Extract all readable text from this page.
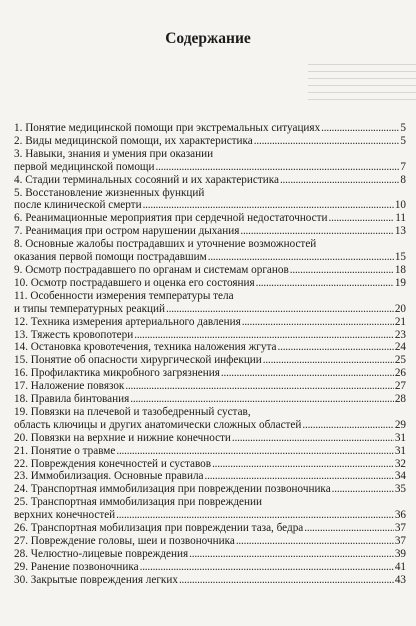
Содержание
1. Понятие медицинской помощи при экстремальных ситуациях . . .	5
2. Виды медицинской помощи, их характеристика . . .	5
3. Навыки, знания и умения при оказании
первой медицинской помощи . . .	7
4. Стадии терминальных сосояний и их характеристика . . .	8
5. Восстановление жизненных функций
после клинической смерти . . .	10
6. Реанимационные мероприятия при сердечной недостаточности . . .	11
7. Реанимация при остром нарушении дыхания . . .	13
8. Основные жалобы пострадавших и уточнение возможностей
оказания первой помощи пострадавшим . . .	15
9. Осмотр пострадавшего по органам и системам органов . . .	18
10. Осмотр пострадавшего и оценка его состояния . . .	19
11. Особенности измерения температуры тела
и типы температурных реакций . . .	20
12. Техника измерения артериального давления . . .	21
13. Тяжесть кровопотери . . .	23
14. Остановка кровотечения, техника наложения жгута . . .	24
15. Понятие об опасности хирургической инфекции . . .	25
16. Профилактика микробного загрязнения . . .	26
17. Наложение повязок . . .	27
18. Правила бинтования . . .	28
19. Повязки на плечевой и тазобедренный сустав,
область ключицы и других анатомически сложных областей . . .	29
20. Повязки на верхние и нижние конечности . . .	31
21. Понятие о травме . . .	31
22. Повреждения конечностей и суставов . . .	32
23. Иммобилизация. Основные правила . . .	34
24. Транспортная иммобилизация при повреждении позвоночника . . .	35
25. Транспортная иммобилизация при повреждении
верхних конечностей . . .	36
26. Транспортная мобилизация при повреждении таза, бедра . . .	37
27. Повреждение головы, шеи и позвоночника . . .	37
28. Челюстно-лицевые повреждения . . .	39
29. Ранение позвоночника . . .	41
30. Закрытые повреждения легких . . .	43
